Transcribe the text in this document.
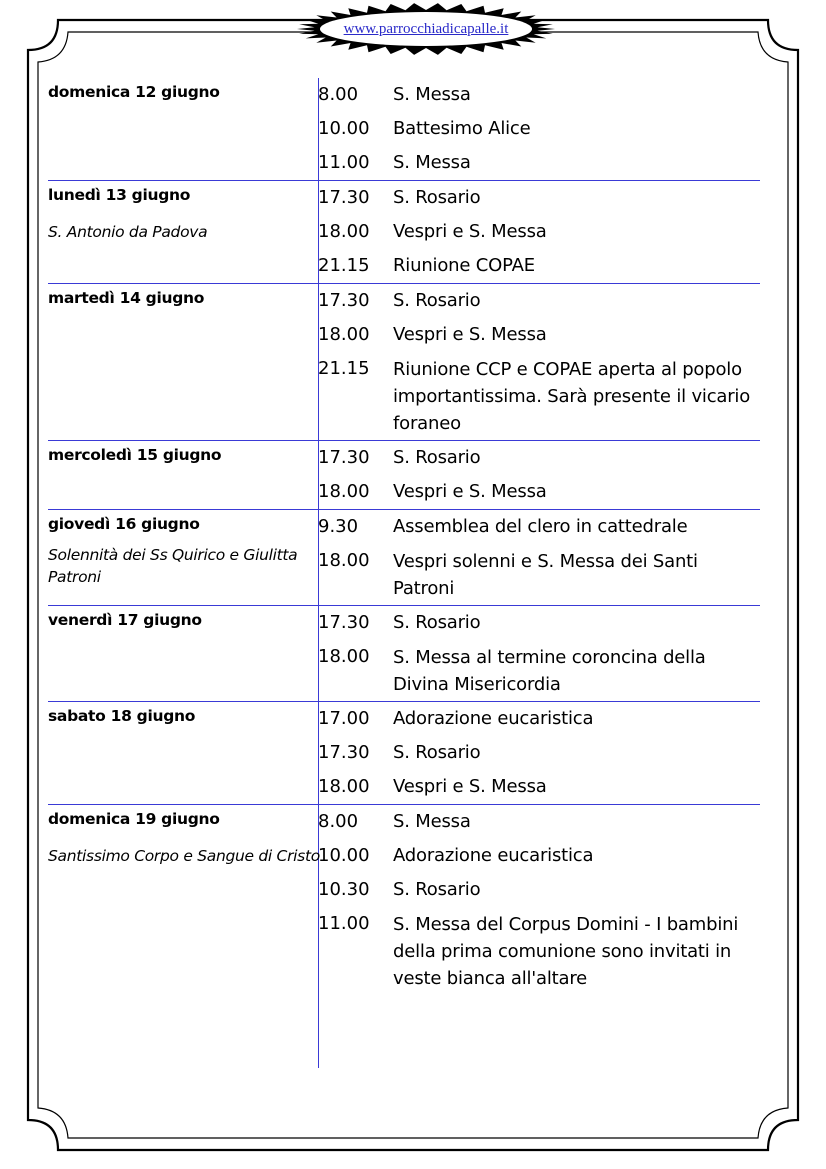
www.parrocchiadicapalle.it
domenica 12 giugno	8.00	S. Messa
10.00	Battesimo Alice
11.00	S. Messa
lunedì 13 giugno
S. Antonio da Padova
17.30	S. Rosario
18.00	Vespri e S. Messa
21.15	Riunione COPAE
martedì 14 giugno	17.30	S. Rosario
18.00	Vespri e S. Messa
21.15	Riunione CCP e COPAE aperta al popolo importantissima. Sarà presente il vicario foraneo
mercoledì 15 giugno	17.30	S. Rosario
18.00	Vespri e S. Messa
giovedì 16 giugno
Solennità dei Ss Quirico e Giulitta Patroni
9.30	Assemblea del clero in cattedrale
18.00	Vespri solenni e S. Messa dei Santi Patroni
venerdì 17 giugno	17.30	S. Rosario
18.00	S. Messa al termine coroncina della Divina Misericordia
sabato 18 giugno	17.00	Adorazione eucaristica
17.30	S. Rosario
18.00	Vespri e S. Messa
domenica 19 giugno
Santissimo Corpo e Sangue di Cristo
8.00	S. Messa
10.00	Adorazione eucaristica
10.30	S. Rosario
11.00	S. Messa del Corpus Domini - I bambini della prima comunione sono invitati in veste bianca all'altare
